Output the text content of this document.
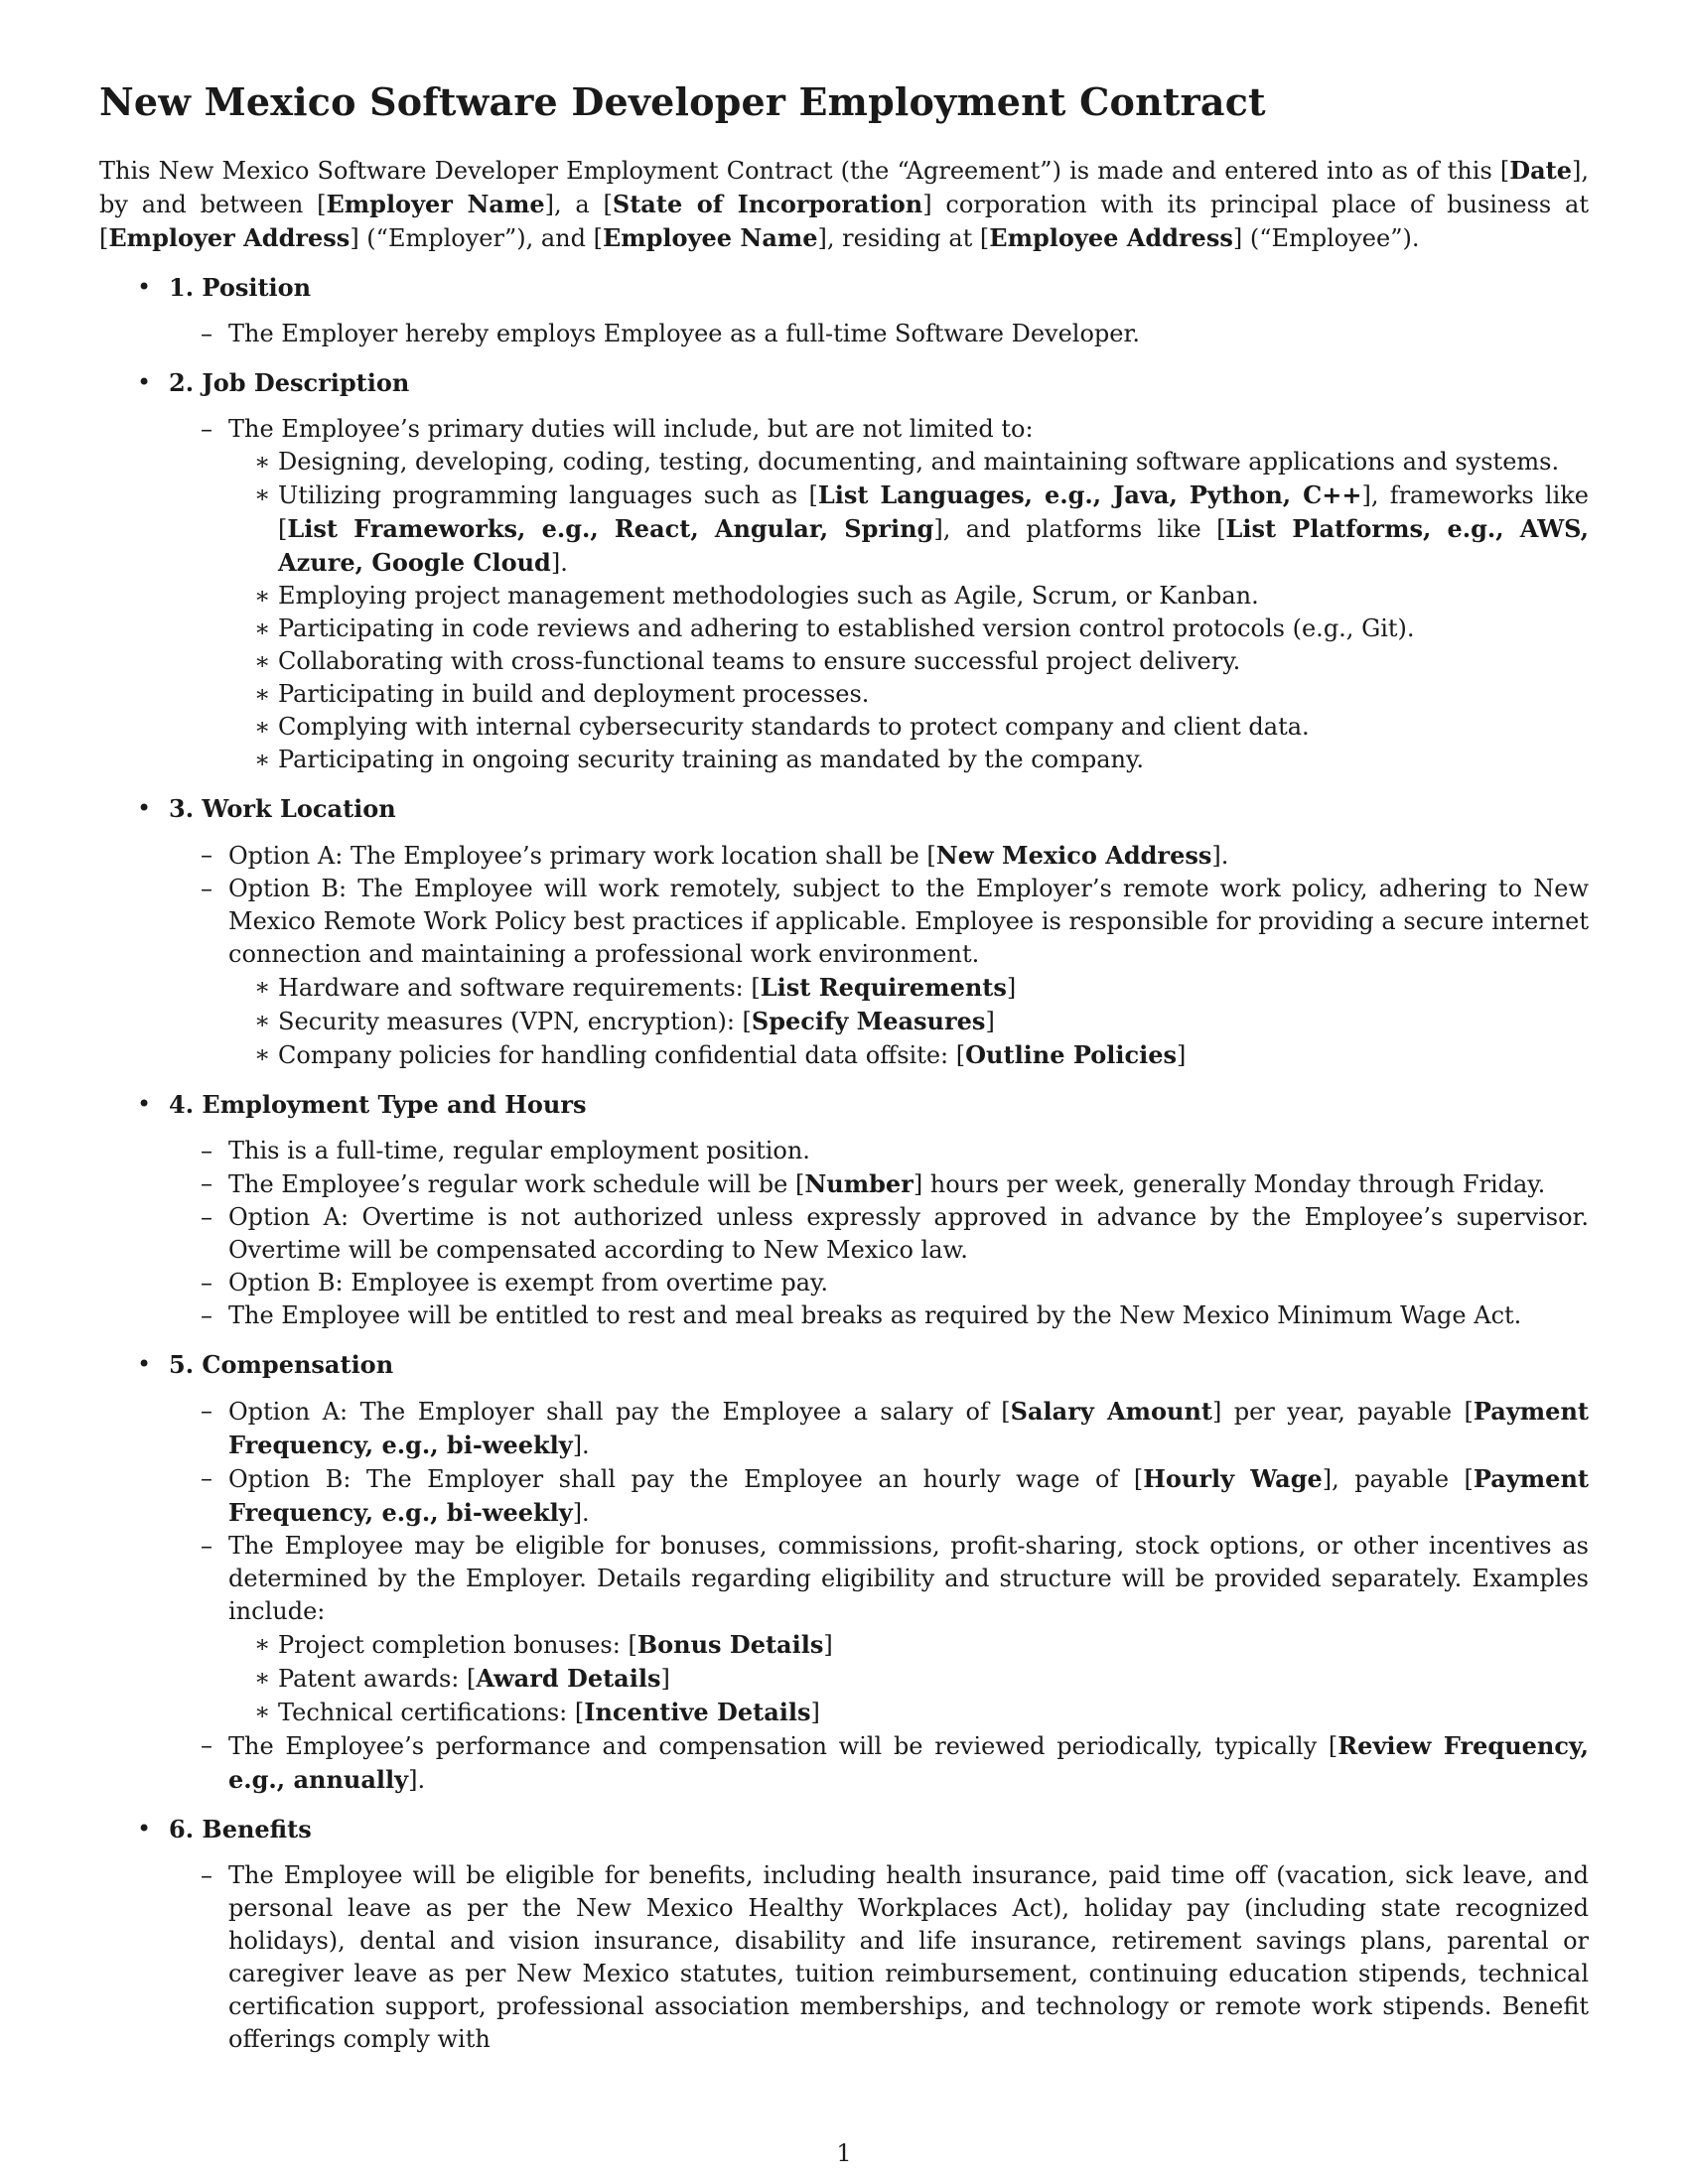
New Mexico Software Developer Employment Contract

This New Mexico Software Developer Employment Contract (the “Agreement”) is made and entered into as of this [Date], by and between [Employer Name], a [State of Incorporation] corporation with its principal place of business at [Employer Address] (“Employer”), and [Employee Name], residing at [Employee Address] (“Employee”).

• 1. Position
– The Employer hereby employs Employee as a full-time Software Developer.
• 2. Job Description
– The Employee’s primary duties will include, but are not limited to:
∗ Designing, developing, coding, testing, documenting, and maintaining software applications and systems.
∗ Utilizing programming languages such as [List Languages, e.g., Java, Python, C++], frameworks like [List Frameworks, e.g., React, Angular, Spring], and platforms like [List Platforms, e.g., AWS, Azure, Google Cloud].
∗ Employing project management methodologies such as Agile, Scrum, or Kanban.
∗ Participating in code reviews and adhering to established version control protocols (e.g., Git).
∗ Collaborating with cross-functional teams to ensure successful project delivery.
∗ Participating in build and deployment processes.
∗ Complying with internal cybersecurity standards to protect company and client data.
∗ Participating in ongoing security training as mandated by the company.
• 3. Work Location
– Option A: The Employee’s primary work location shall be [New Mexico Address].
– Option B: The Employee will work remotely, subject to the Employer’s remote work policy, adhering to New Mexico Remote Work Policy best practices if applicable. Employee is responsible for providing a secure internet connection and maintaining a professional work environment.
∗ Hardware and software requirements: [List Requirements]
∗ Security measures (VPN, encryption): [Specify Measures]
∗ Company policies for handling confidential data offsite: [Outline Policies]
• 4. Employment Type and Hours
– This is a full-time, regular employment position.
– The Employee’s regular work schedule will be [Number] hours per week, generally Monday through Friday.
– Option A: Overtime is not authorized unless expressly approved in advance by the Employee’s supervisor. Overtime will be compensated according to New Mexico law.
– Option B: Employee is exempt from overtime pay.
– The Employee will be entitled to rest and meal breaks as required by the New Mexico Minimum Wage Act.
• 5. Compensation
– Option A: The Employer shall pay the Employee a salary of [Salary Amount] per year, payable [Payment Frequency, e.g., bi-weekly].
– Option B: The Employer shall pay the Employee an hourly wage of [Hourly Wage], payable [Payment Frequency, e.g., bi-weekly].
– The Employee may be eligible for bonuses, commissions, profit-sharing, stock options, or other incentives as determined by the Employer. Details regarding eligibility and structure will be provided separately. Examples include:
∗ Project completion bonuses: [Bonus Details]
∗ Patent awards: [Award Details]
∗ Technical certifications: [Incentive Details]
– The Employee’s performance and compensation will be reviewed periodically, typically [Review Frequency, e.g., annually].
• 6. Benefits
– The Employee will be eligible for benefits, including health insurance, paid time off (vacation, sick leave, and personal leave as per the New Mexico Healthy Workplaces Act), holiday pay (including state recognized holidays), dental and vision insurance, disability and life insurance, retirement savings plans, parental or caregiver leave as per New Mexico statutes, tuition reimbursement, continuing education stipends, technical certification support, professional association memberships, and technology or remote work stipends. Benefit offerings comply with
1
